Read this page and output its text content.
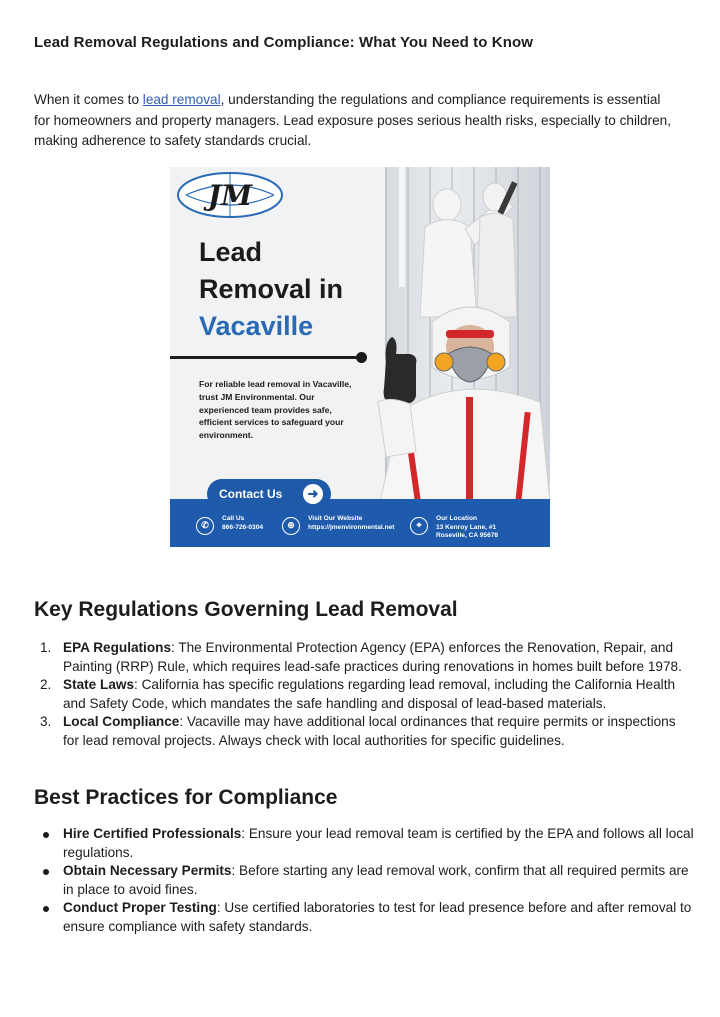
Lead Removal Regulations and Compliance: What You Need to Know

When it comes to lead removal, understanding the regulations and compliance requirements is essential for homeowners and property managers. Lead exposure poses serious health risks, especially to children, making adherence to safety standards crucial.

JM
Lead
Removal in
Vacaville
For reliable lead removal in Vacaville, trust JM Environmental. Our experienced team provides safe, efficient services to safeguard your environment.
Contact Us	➜
✆
Call Us
866-726-0304	⊕
Visit Our Website
https://jmenvironmental.net	⌖
Our Location
13 Kenroy Lane, #1
Roseville, CA 95678
Key Regulations Governing Lead Removal
1. EPA Regulations: The Environmental Protection Agency (EPA) enforces the Renovation, Repair, and Painting (RRP) Rule, which requires lead-safe practices during renovations in homes built before 1978.
2. State Laws: California has specific regulations regarding lead removal, including the California Health and Safety Code, which mandates the safe handling and disposal of lead-based materials.
3. Local Compliance: Vacaville may have additional local ordinances that require permits or inspections for lead removal projects. Always check with local authorities for specific guidelines.
Best Practices for Compliance
Hire Certified Professionals: Ensure your lead removal team is certified by the EPA and follows all local regulations.
Obtain Necessary Permits: Before starting any lead removal work, confirm that all required permits are in place to avoid fines.
Conduct Proper Testing: Use certified laboratories to test for lead presence before and after removal to ensure compliance with safety standards.
